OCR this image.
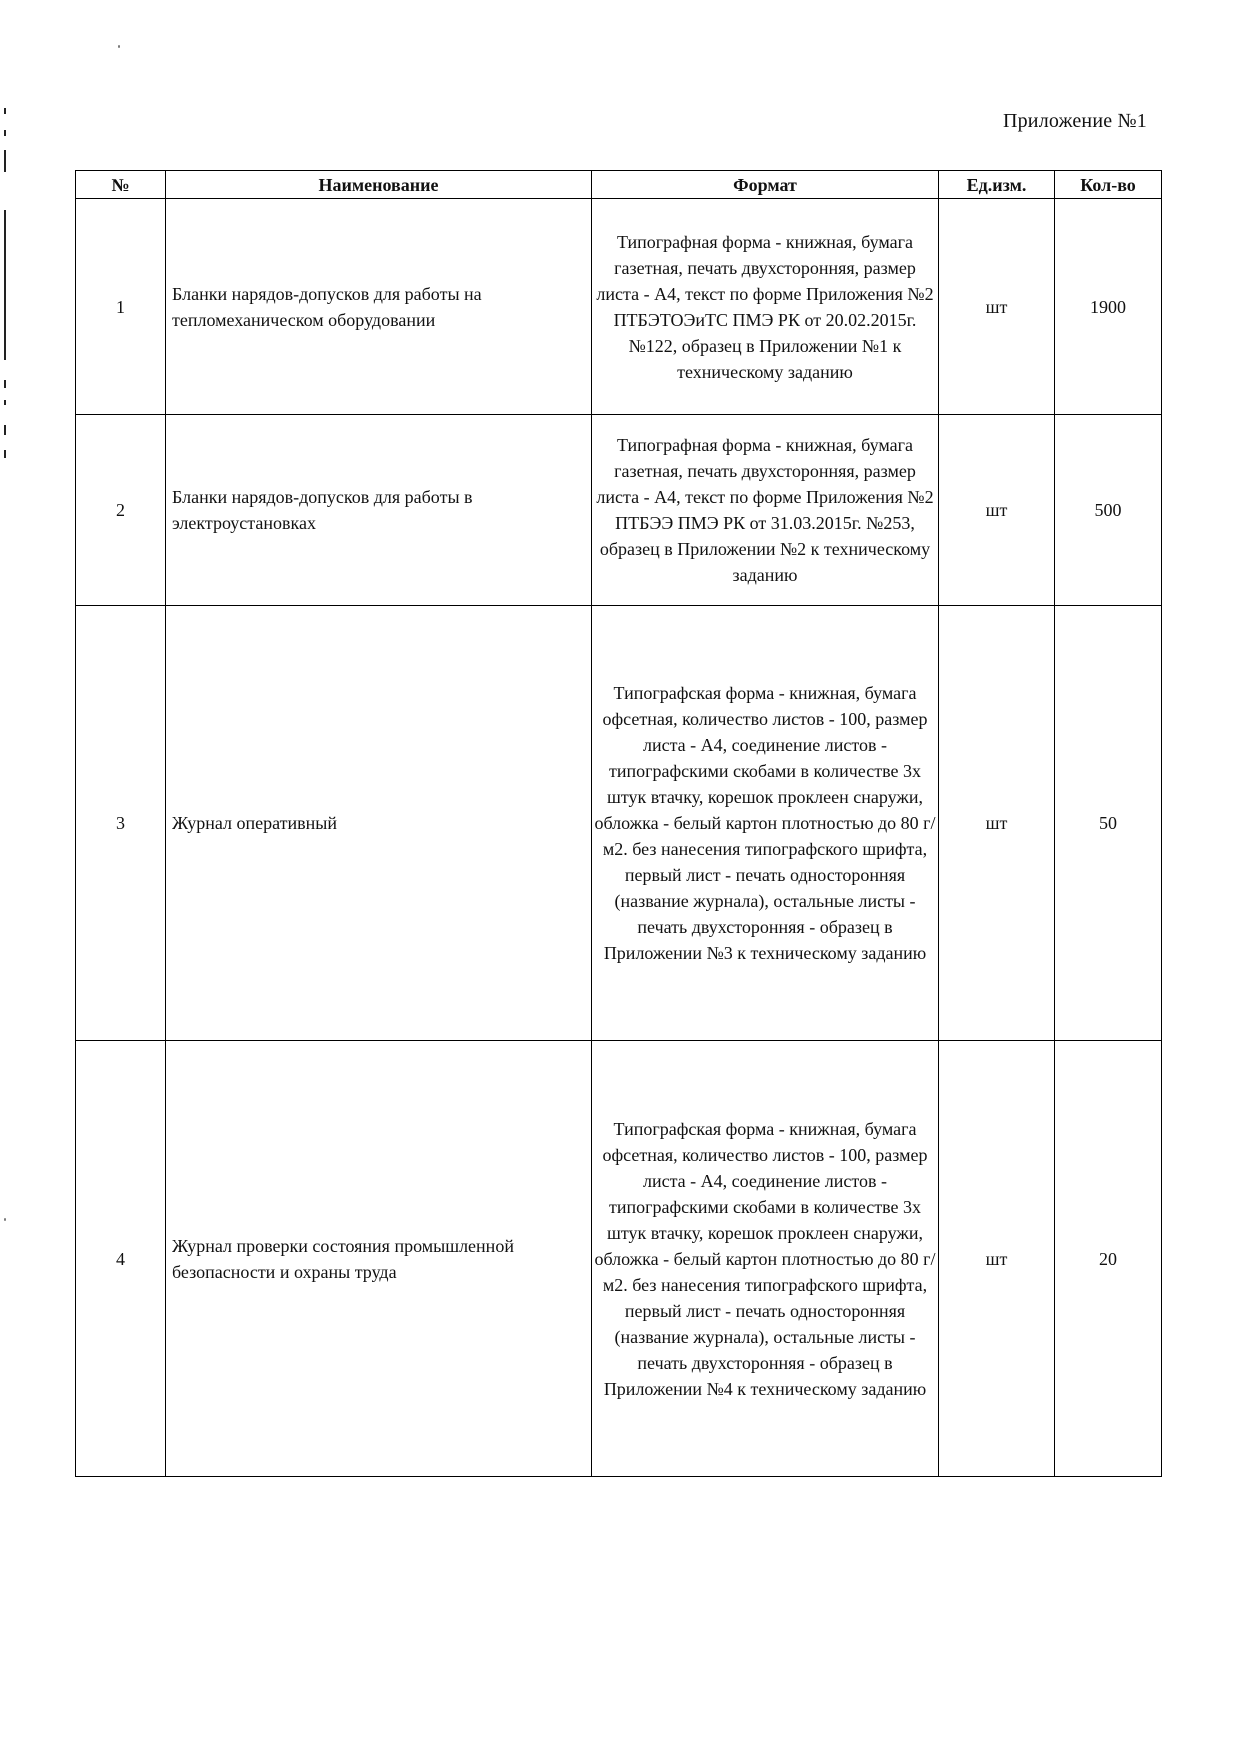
Приложение №1
№	Наименование	Формат	Ед.изм.	Кол-во
1	Бланки нарядов-допусков для работы на тепломеханическом оборудовании	Типографная форма - книжная, бумага газетная, печать двухсторонняя, размер листа - А4, текст по форме Приложения №2 ПТБЭТОЭиТС ПМЭ РК от 20.02.2015г. №122, образец в Приложении №1 к техническому заданию	шт	1900
2	Бланки нарядов-допусков для работы в электроустановках	Типографная форма - книжная, бумага газетная, печать двухсторонняя, размер листа - А4, текст по форме Приложения №2 ПТБЭЭ ПМЭ РК от 31.03.2015г. №253, образец в Приложении №2 к техническому заданию	шт	500
3	Журнал оперативный	Типографская форма - книжная, бумага офсетная, количество листов - 100, размер листа - А4, соединение листов - типографскими скобами в количестве 3х штук втачку, корешок проклеен снаружи, обложка - белый картон плотностью до 80 г/м2. без нанесения типографского шрифта, первый лист - печать односторонняя (название журнала), остальные листы - печать двухсторонняя - образец в Приложении №3 к техническому заданию	шт	50
4	Журнал проверки состояния промышленной безопасности и охраны труда	Типографская форма - книжная, бумага офсетная, количество листов - 100, размер листа - А4, соединение листов - типографскими скобами в количестве 3х штук втачку, корешок проклеен снаружи, обложка - белый картон плотностью до 80 г/м2. без нанесения типографского шрифта, первый лист - печать односторонняя (название журнала), остальные листы - печать двухсторонняя - образец в Приложении №4 к техническому заданию	шт	20
